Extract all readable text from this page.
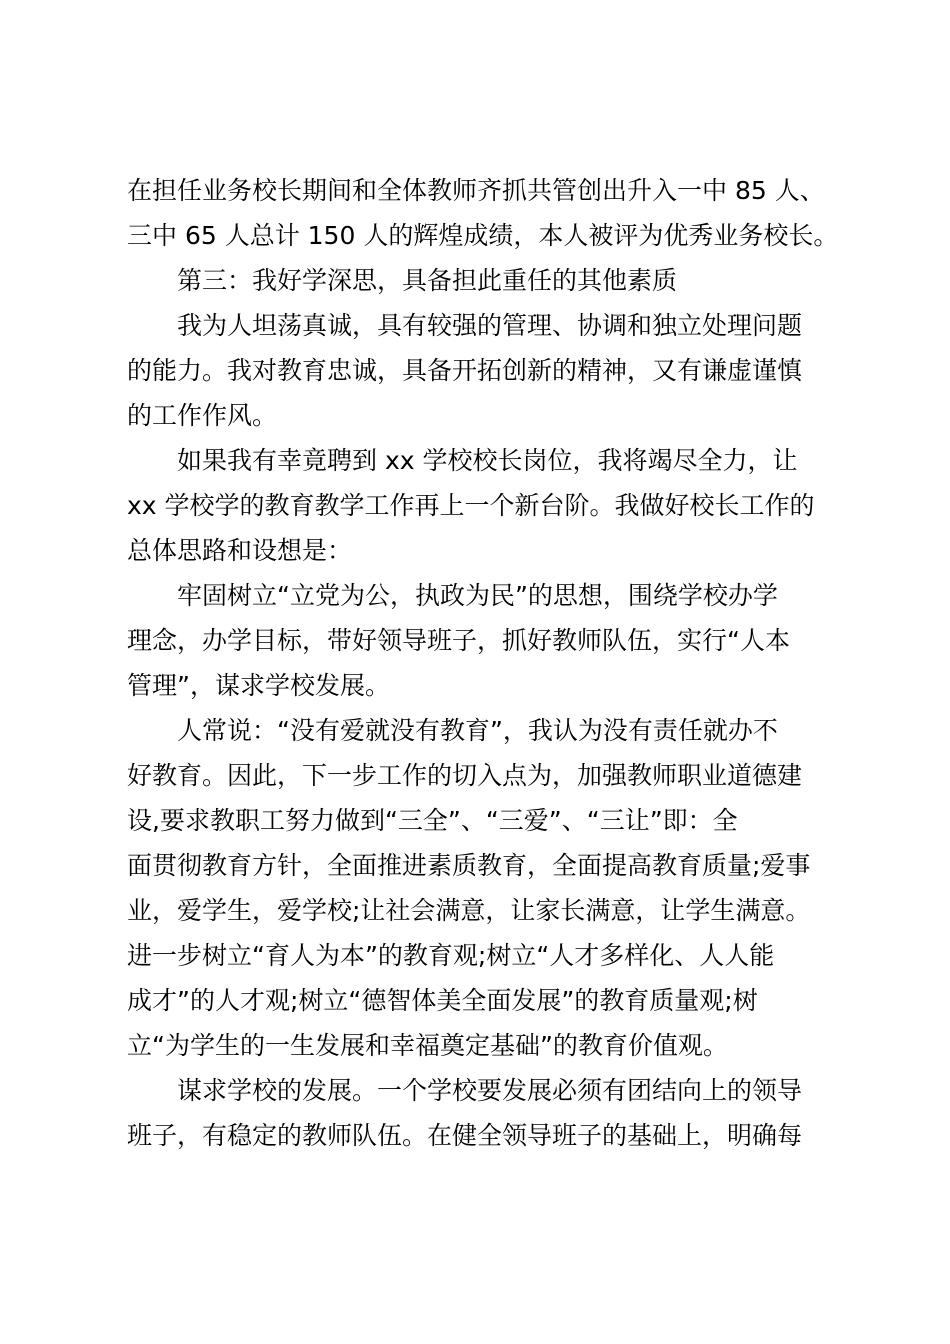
在担任业务校长期间和全体教师齐抓共管创出升入一中 85 人、
三中 65 人总计 150 人的辉煌成绩，本人被评为优秀业务校长。
第三：我好学深思，具备担此重任的其他素质
我为人坦荡真诚，具有较强的管理、协调和独立处理问题
的能力。我对教育忠诚，具备开拓创新的精神，又有谦虚谨慎
的工作作风。
如果我有幸竟聘到 xx 学校校长岗位，我将竭尽全力，让
xx 学校学的教育教学工作再上一个新台阶。我做好校长工作的
总体思路和设想是：
牢固树立“立党为公，执政为民”的思想，围绕学校办学
理念，办学目标，带好领导班子，抓好教师队伍，实行“人本
管理”，谋求学校发展。
人常说：“没有爱就没有教育”，我认为没有责任就办不
好教育。因此，下一步工作的切入点为，加强教师职业道德建
设,要求教职工努力做到“三全”、“三爱”、“三让”即：全
面贯彻教育方针，全面推进素质教育，全面提高教育质量;爱事
业，爱学生，爱学校;让社会满意，让家长满意，让学生满意。
进一步树立“育人为本”的教育观;树立“人才多样化、人人能
成才”的人才观;树立“德智体美全面发展”的教育质量观;树
立“为学生的一生发展和幸福奠定基础”的教育价值观。
谋求学校的发展。一个学校要发展必须有团结向上的领导
班子，有稳定的教师队伍。在健全领导班子的基础上，明确每
